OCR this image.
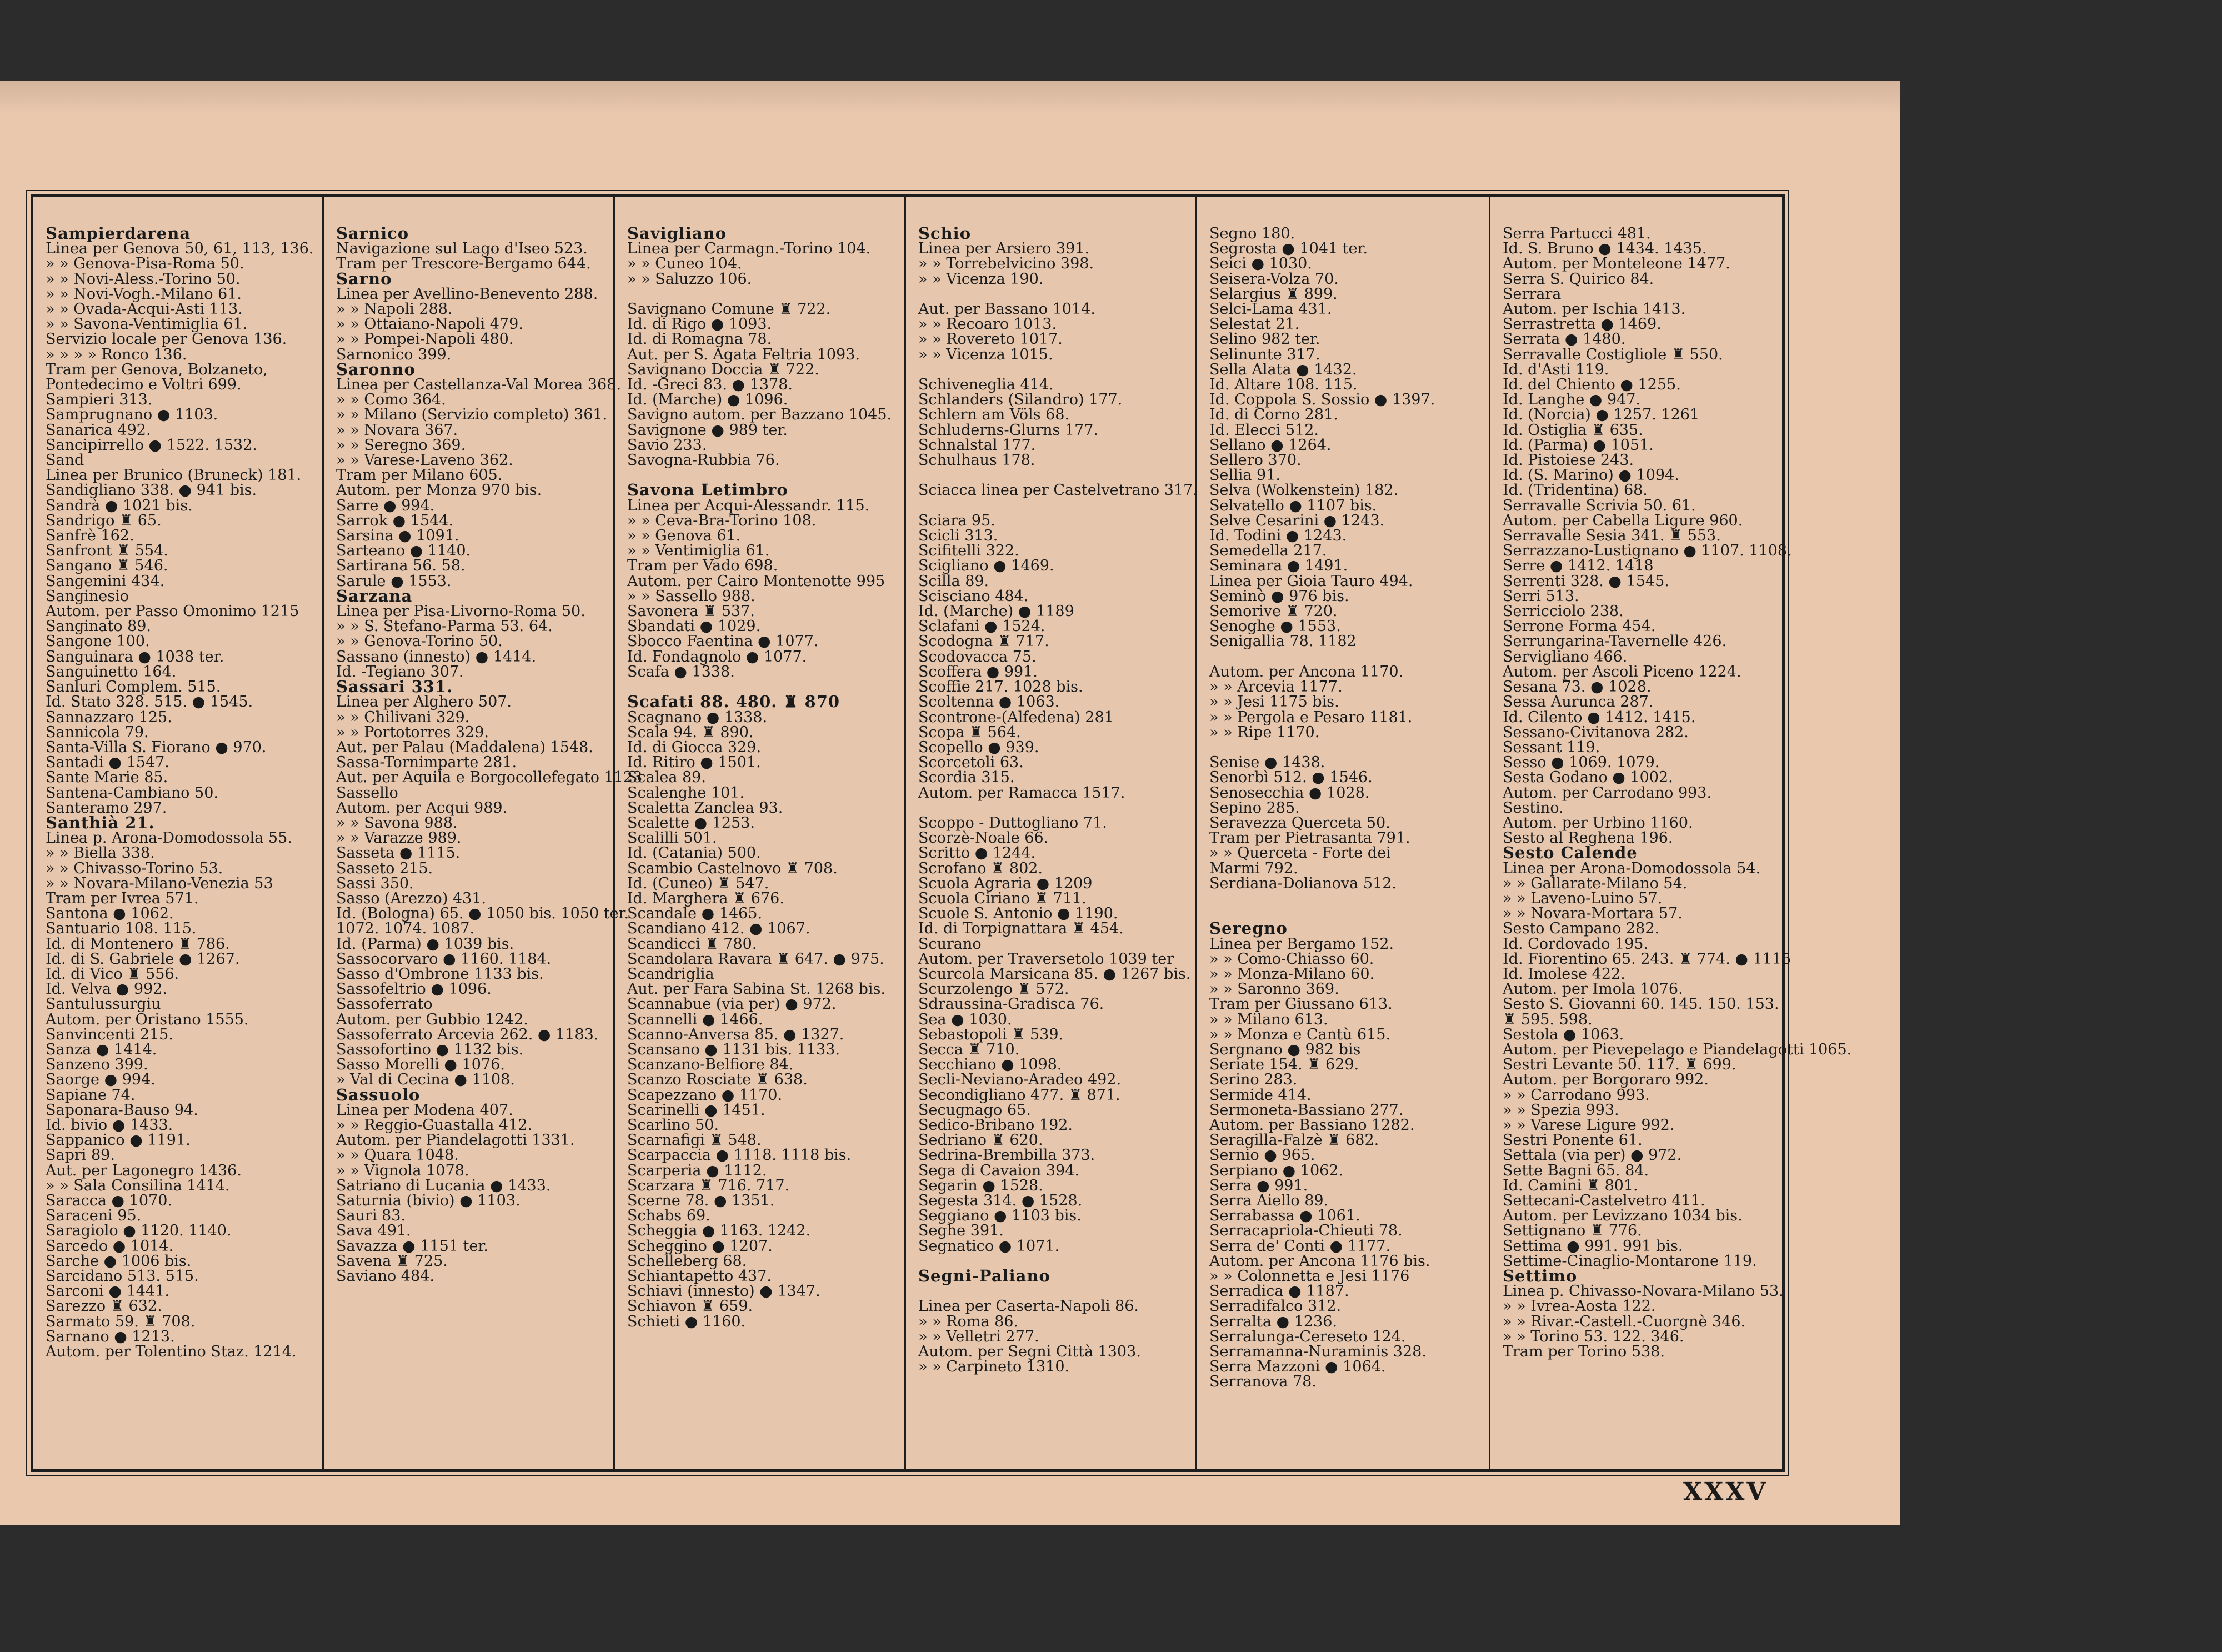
Sampierdarena
Linea per Genova 50, 61, 113, 136.
» » Genova-Pisa-Roma 50.
» » Novi-Aless.-Torino 50.
» » Novi-Vogh.-Milano 61.
» » Ovada-Acqui-Asti 113.
» » Savona-Ventimiglia 61.
Servizio locale per Genova 136.
» » » » Ronco 136.
Tram per Genova, Bolzaneto,
Pontedecimo e Voltri 699.
Sampieri 313.
Samprugnano ● 1103.
Sanarica 492.
Sancipirrello ● 1522. 1532.
Sand
Linea per Brunico (Bruneck) 181.
Sandigliano 338. ● 941 bis.
Sandrà ● 1021 bis.
Sandrigo ♜ 65.
Sanfrè 162.
Sanfront ♜ 554.
Sangano ♜ 546.
Sangemini 434.
Sanginesio
Autom. per Passo Omonimo 1215
Sanginato 89.
Sangone 100.
Sanguinara ● 1038 ter.
Sanguinetto 164.
Sanluri Complem. 515.
Id. Stato 328. 515. ● 1545.
Sannazzaro 125.
Sannicola 79.
Santa-Villa S. Fiorano ● 970.
Santadi ● 1547.
Sante Marie 85.
Santena-Cambiano 50.
Santeramo 297.
Santhià 21.
Linea p. Arona-Domodossola 55.
» » Biella 338.
» » Chivasso-Torino 53.
» » Novara-Milano-Venezia 53
Tram per Ivrea 571.
Santona ● 1062.
Santuario 108. 115.
Id. di Montenero ♜ 786.
Id. di S. Gabriele ● 1267.
Id. di Vico ♜ 556.
Id. Velva ● 992.
Santulussurgiu
Autom. per Oristano 1555.
Sanvincenti 215.
Sanza ● 1414.
Sanzeno 399.
Saorge ● 994.
Sapiane 74.
Saponara-Bauso 94.
Id. bivio ● 1433.
Sappanico ● 1191.
Sapri 89.
Aut. per Lagonegro 1436.
» » Sala Consilina 1414.
Saracca ● 1070.
Saraceni 95.
Saragiolo ● 1120. 1140.
Sarcedo ● 1014.
Sarche ● 1006 bis.
Sarcidano 513. 515.
Sarconi ● 1441.
Sarezzo ♜ 632.
Sarmato 59. ♜ 708.
Sarnano ● 1213.
Autom. per Tolentino Staz. 1214.
Sarnico
Navigazione sul Lago d'Iseo 523.
Tram per Trescore-Bergamo 644.
Sarno
Linea per Avellino-Benevento 288.
» » Napoli 288.
» » Ottaiano-Napoli 479.
» » Pompei-Napoli 480.
Sarnonico 399.
Saronno
Linea per Castellanza-Val Morea 368.
» » Como 364.
» » Milano (Servizio completo) 361.
» » Novara 367.
» » Seregno 369.
» » Varese-Laveno 362.
Tram per Milano 605.
Autom. per Monza 970 bis.
Sarre ● 994.
Sarrok ● 1544.
Sarsina ● 1091.
Sarteano ● 1140.
Sartirana 56. 58.
Sarule ● 1553.
Sarzana
Linea per Pisa-Livorno-Roma 50.
» » S. Stefano-Parma 53. 64.
» » Genova-Torino 50.
Sassano (innesto) ● 1414.
Id. -Tegiano 307.
Sassari 331.
Linea per Alghero 507.
» » Chilivani 329.
» » Portotorres 329.
Aut. per Palau (Maddalena) 1548.
Sassa-Tornimparte 281.
Aut. per Aquila e Borgocollefegato 1123
Sassello
Autom. per Acqui 989.
» » Savona 988.
» » Varazze 989.
Sasseta ● 1115.
Sasseto 215.
Sassi 350.
Sasso (Arezzo) 431.
Id. (Bologna) 65. ● 1050 bis. 1050 ter.
1072. 1074. 1087.
Id. (Parma) ● 1039 bis.
Sassocorvaro ● 1160. 1184.
Sasso d'Ombrone 1133 bis.
Sassofeltrio ● 1096.
Sassoferrato
Autom. per Gubbio 1242.
Sassoferrato Arcevia 262. ● 1183.
Sassofortino ● 1132 bis.
Sasso Morelli ● 1076.
» Val di Cecina ● 1108.
Sassuolo
Linea per Modena 407.
» » Reggio-Guastalla 412.
Autom. per Piandelagotti 1331.
» » Quara 1048.
» » Vignola 1078.
Satriano di Lucania ● 1433.
Saturnia (bivio) ● 1103.
Sauri 83.
Sava 491.
Savazza ● 1151 ter.
Savena ♜ 725.
Saviano 484.
Savigliano
Linea per Carmagn.-Torino 104.
» » Cuneo 104.
» » Saluzzo 106.

Savignano Comune ♜ 722.
Id. di Rigo ● 1093.
Id. di Romagna 78.
Aut. per S. Agata Feltria 1093.
Savignano Doccia ♜ 722.
Id. -Greci 83. ● 1378.
Id. (Marche) ● 1096.
Savigno autom. per Bazzano 1045.
Savignone ● 989 ter.
Savio 233.
Savogna-Rubbia 76.

Savona Letimbro
Linea per Acqui-Alessandr. 115.
» » Ceva-Bra-Torino 108.
» » Genova 61.
» » Ventimiglia 61.
Tram per Vado 698.
Autom. per Cairo Montenotte 995
» » Sassello 988.
Savonera ♜ 537.
Sbandati ● 1029.
Sbocco Faentina ● 1077.
Id. Fondagnolo ● 1077.
Scafa ● 1338.

Scafati 88. 480. ♜ 870
Scagnano ● 1338.
Scala 94. ♜ 890.
Id. di Giocca 329.
Id. Ritiro ● 1501.
Scalea 89.
Scalenghe 101.
Scaletta Zanclea 93.
Scalette ● 1253.
Scalilli 501.
Id. (Catania) 500.
Scambio Castelnovo ♜ 708.
Id. (Cuneo) ♜ 547.
Id. Marghera ♜ 676.
Scandale ● 1465.
Scandiano 412. ● 1067.
Scandicci ♜ 780.
Scandolara Ravara ♜ 647. ● 975.
Scandriglia
Aut. per Fara Sabina St. 1268 bis.
Scannabue (via per) ● 972.
Scannelli ● 1466.
Scanno-Anversa 85. ● 1327.
Scansano ● 1131 bis. 1133.
Scanzano-Belfiore 84.
Scanzo Rosciate ♜ 638.
Scapezzano ● 1170.
Scarinelli ● 1451.
Scarlino 50.
Scarnafigi ♜ 548.
Scarpaccia ● 1118. 1118 bis.
Scarperia ● 1112.
Scarzara ♜ 716. 717.
Scerne 78. ● 1351.
Schabs 69.
Scheggia ● 1163. 1242.
Scheggino ● 1207.
Schelleberg 68.
Schiantapetto 437.
Schiavi (innesto) ● 1347.
Schiavon ♜ 659.
Schieti ● 1160.
Schio
Linea per Arsiero 391.
» » Torrebelvicino 398.
» » Vicenza 190.

Aut. per Bassano 1014.
» » Recoaro 1013.
» » Rovereto 1017.
» » Vicenza 1015.

Schiveneglia 414.
Schlanders (Silandro) 177.
Schlern am Völs 68.
Schluderns-Glurns 177.
Schnalstal 177.
Schulhaus 178.

Sciacca linea per Castelvetrano 317.

Sciara 95.
Scicli 313.
Scifitelli 322.
Scigliano ● 1469.
Scilla 89.
Scisciano 484.
Id. (Marche) ● 1189
Sclafani ● 1524.
Scodogna ♜ 717.
Scodovacca 75.
Scoffera ● 991.
Scoffie 217. 1028 bis.
Scoltenna ● 1063.
Scontrone-(Alfedena) 281
Scopa ♜ 564.
Scopello ● 939.
Scorcetoli 63.
Scordia 315.
Autom. per Ramacca 1517.

Scoppo - Duttogliano 71.
Scorzè-Noale 66.
Scritto ● 1244.
Scrofano ♜ 802.
Scuola Agraria ● 1209
Scuola Ciriano ♜ 711.
Scuole S. Antonio ● 1190.
Id. di Torpignattara ♜ 454.
Scurano
Autom. per Traversetolo 1039 ter
Scurcola Marsicana 85. ● 1267 bis.
Scurzolengo ♜ 572.
Sdraussina-Gradisca 76.
Sea ● 1030.
Sebastopoli ♜ 539.
Secca ♜ 710.
Secchiano ● 1098.
Secli-Neviano-Aradeo 492.
Secondigliano 477. ♜ 871.
Secugnago 65.
Sedico-Bribano 192.
Sedriano ♜ 620.
Sedrina-Brembilla 373.
Sega di Cavaion 394.
Segarin ● 1528.
Segesta 314. ● 1528.
Seggiano ● 1103 bis.
Seghe 391.
Segnatico ● 1071.

Segni-Paliano

Linea per Caserta-Napoli 86.
» » Roma 86.
» » Velletri 277.
Autom. per Segni Città 1303.
» » Carpineto 1310.
Segno 180.
Segrosta ● 1041 ter.
Seici ● 1030.
Seisera-Volza 70.
Selargius ♜ 899.
Selci-Lama 431.
Selestat 21.
Selino 982 ter.
Selinunte 317.
Sella Alata ● 1432.
Id. Altare 108. 115.
Id. Coppola S. Sossio ● 1397.
Id. di Corno 281.
Id. Elecci 512.
Sellano ● 1264.
Sellero 370.
Sellia 91.
Selva (Wolkenstein) 182.
Selvatello ● 1107 bis.
Selve Cesarini ● 1243.
Id. Todini ● 1243.
Semedella 217.
Seminara ● 1491.
Linea per Gioia Tauro 494.
Seminò ● 976 bis.
Semorive ♜ 720.
Senoghe ● 1553.
Senigallia 78. 1182

Autom. per Ancona 1170.
» » Arcevia 1177.
» » Jesi 1175 bis.
» » Pergola e Pesaro 1181.
» » Ripe 1170.

Senise ● 1438.
Senorbì 512. ● 1546.
Senosecchia ● 1028.
Sepino 285.
Seravezza Querceta 50.
Tram per Pietrasanta 791.
» » Querceta - Forte dei
Marmi 792.
Serdiana-Dolianova 512.

Seregno
Linea per Bergamo 152.
» » Como-Chiasso 60.
» » Monza-Milano 60.
» » Saronno 369.
Tram per Giussano 613.
» » Milano 613.
» » Monza e Cantù 615.
Sergnano ● 982 bis
Seriate 154. ♜ 629.
Serino 283.
Sermide 414.
Sermoneta-Bassiano 277.
Autom. per Bassiano 1282.
Seragilla-Falzè ♜ 682.
Sernio ● 965.
Serpiano ● 1062.
Serra ● 991.
Serra Aiello 89.
Serrabassa ● 1061.
Serracapriola-Chieuti 78.
Serra de' Conti ● 1177.
Autom. per Ancona 1176 bis.
» » Colonnetta e Jesi 1176
Serradica ● 1187.
Serradifalco 312.
Serralta ● 1236.
Serralunga-Cereseto 124.
Serramanna-Nuraminis 328.
Serra Mazzoni ● 1064.
Serranova 78.
Serra Partucci 481.
Id. S. Bruno ● 1434. 1435.
Autom. per Monteleone 1477.
Serra S. Quirico 84.
Serrara
Autom. per Ischia 1413.
Serrastretta ● 1469.
Serrata ● 1480.
Serravalle Costigliole ♜ 550.
Id. d'Asti 119.
Id. del Chiento ● 1255.
Id. Langhe ● 947.
Id. (Norcia) ● 1257. 1261
Id. Ostiglia ♜ 635.
Id. (Parma) ● 1051.
Id. Pistoiese 243.
Id. (S. Marino) ● 1094.
Id. (Tridentina) 68.
Serravalle Scrivia 50. 61.
Autom. per Cabella Ligure 960.
Serravalle Sesia 341. ♜ 553.
Serrazzano-Lustignano ● 1107. 1108.
Serre ● 1412. 1418
Serrenti 328. ● 1545.
Serri 513.
Serricciolo 238.
Serrone Forma 454.
Serrungarina-Tavernelle 426.
Servigliano 466.
Autom. per Ascoli Piceno 1224.
Sesana 73. ● 1028.
Sessa Aurunca 287.
Id. Cilento ● 1412. 1415.
Sessano-Civitanova 282.
Sessant 119.
Sesso ● 1069. 1079.
Sesta Godano ● 1002.
Autom. per Carrodano 993.
Sestino.
Autom. per Urbino 1160.
Sesto al Reghena 196.
Sesto Calende
Linea per Arona-Domodossola 54.
» » Gallarate-Milano 54.
» » Laveno-Luino 57.
» » Novara-Mortara 57.
Sesto Campano 282.
Id. Cordovado 195.
Id. Fiorentino 65. 243. ♜ 774. ● 1115
Id. Imolese 422.
Autom. per Imola 1076.
Sesto S. Giovanni 60. 145. 150. 153.
♜ 595. 598.
Sestola ● 1063.
Autom. per Pievepelago e Piandelagotti 1065.
Sestri Levante 50. 117. ♜ 699.
Autom. per Borgoraro 992.
» » Carrodano 993.
» » Spezia 993.
» » Varese Ligure 992.
Sestri Ponente 61.
Settala (via per) ● 972.
Sette Bagni 65. 84.
Id. Camini ♜ 801.
Settecani-Castelvetro 411.
Autom. per Levizzano 1034 bis.
Settignano ♜ 776.
Settima ● 991. 991 bis.
Settime-Cinaglio-Montarone 119.
Settimo
Linea p. Chivasso-Novara-Milano 53.
» » Ivrea-Aosta 122.
» » Rivar.-Castell.-Cuorgnè 346.
» » Torino 53. 122. 346.
Tram per Torino 538.
XXXV
